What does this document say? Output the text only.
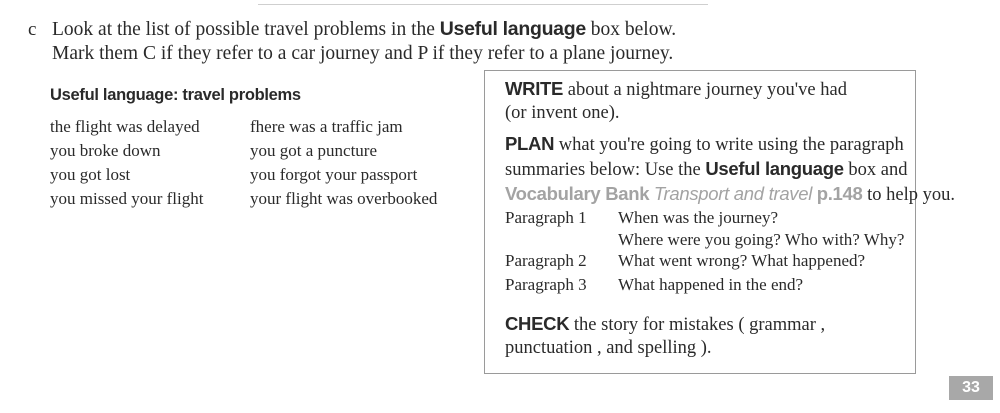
c Look at the list of possible travel problems in the Useful language box below.
Mark them C if they refer to a car journey and P if they refer to a plane journey.
Useful language: travel problems
the flight was delayed
you broke down
you got lost
you missed your flight
fhere was a traffic jam
you got a puncture
you forgot your passport
your flight was overbooked
WRITE about a nightmare journey you've had
(or invent one).
PLAN what you're going to write using the paragraph
summaries below: Use the Useful language box and
Vocabulary Bank Transport and travel p.148 to help you.
Paragraph 1 When was the journey?
Where were you going? Who with? Why?
Paragraph 2 What went wrong? What happened?
Paragraph 3 What happened in the end?
CHECK the story for mistakes ( grammar ,
punctuation , and spelling ).
33
